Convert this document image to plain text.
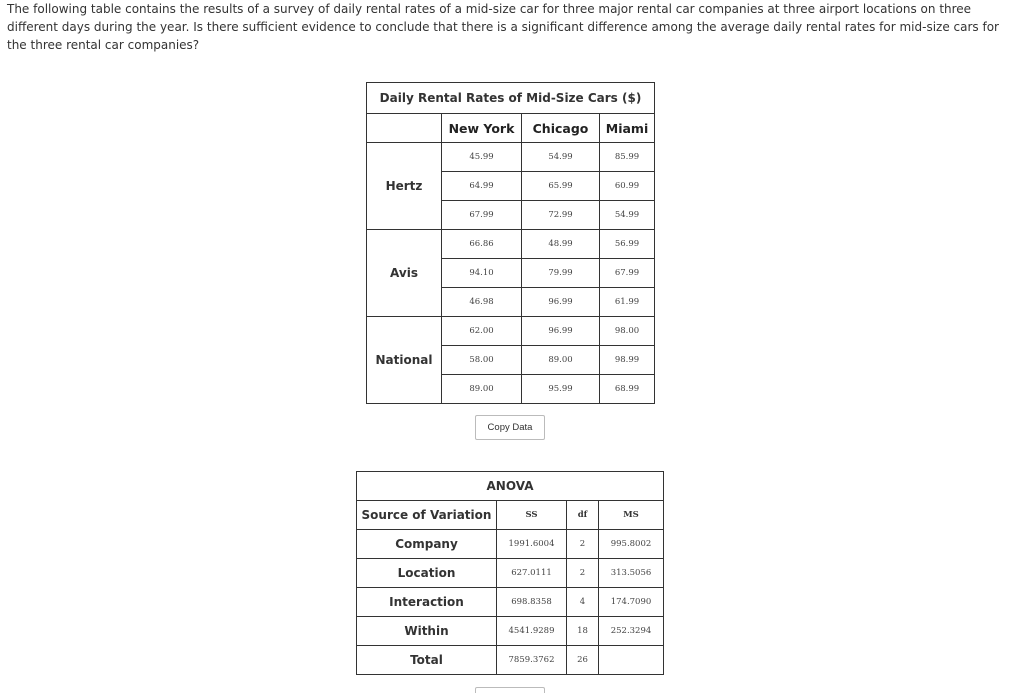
The following table contains the results of a survey of daily rental rates of a mid-size car for three major rental car companies at three airport locations on three different days during the year. Is there sufficient evidence to conclude that there is a significant difference among the average daily rental rates for mid-size cars for the three rental car companies?

Daily Rental Rates of Mid-Size Cars ($)			
	New York	Chicago	Miami
Hertz	45.99	54.99	85.99
	64.99	65.99	60.99
	67.99	72.99	54.99
Avis	66.86	48.99	56.99
	94.10	79.99	67.99
	46.98	96.99	61.99
National	62.00	96.99	98.00
	58.00	89.00	98.99
	89.00	95.99	68.99
Copy Data
ANOVA			
Source of Variation	SS	df	MS
Company	1991.6004	2	995.8002
Location	627.0111	2	313.5056
Interaction	698.8358	4	174.7090
Within	4541.9289	18	252.3294
Total	7859.3762	26	
